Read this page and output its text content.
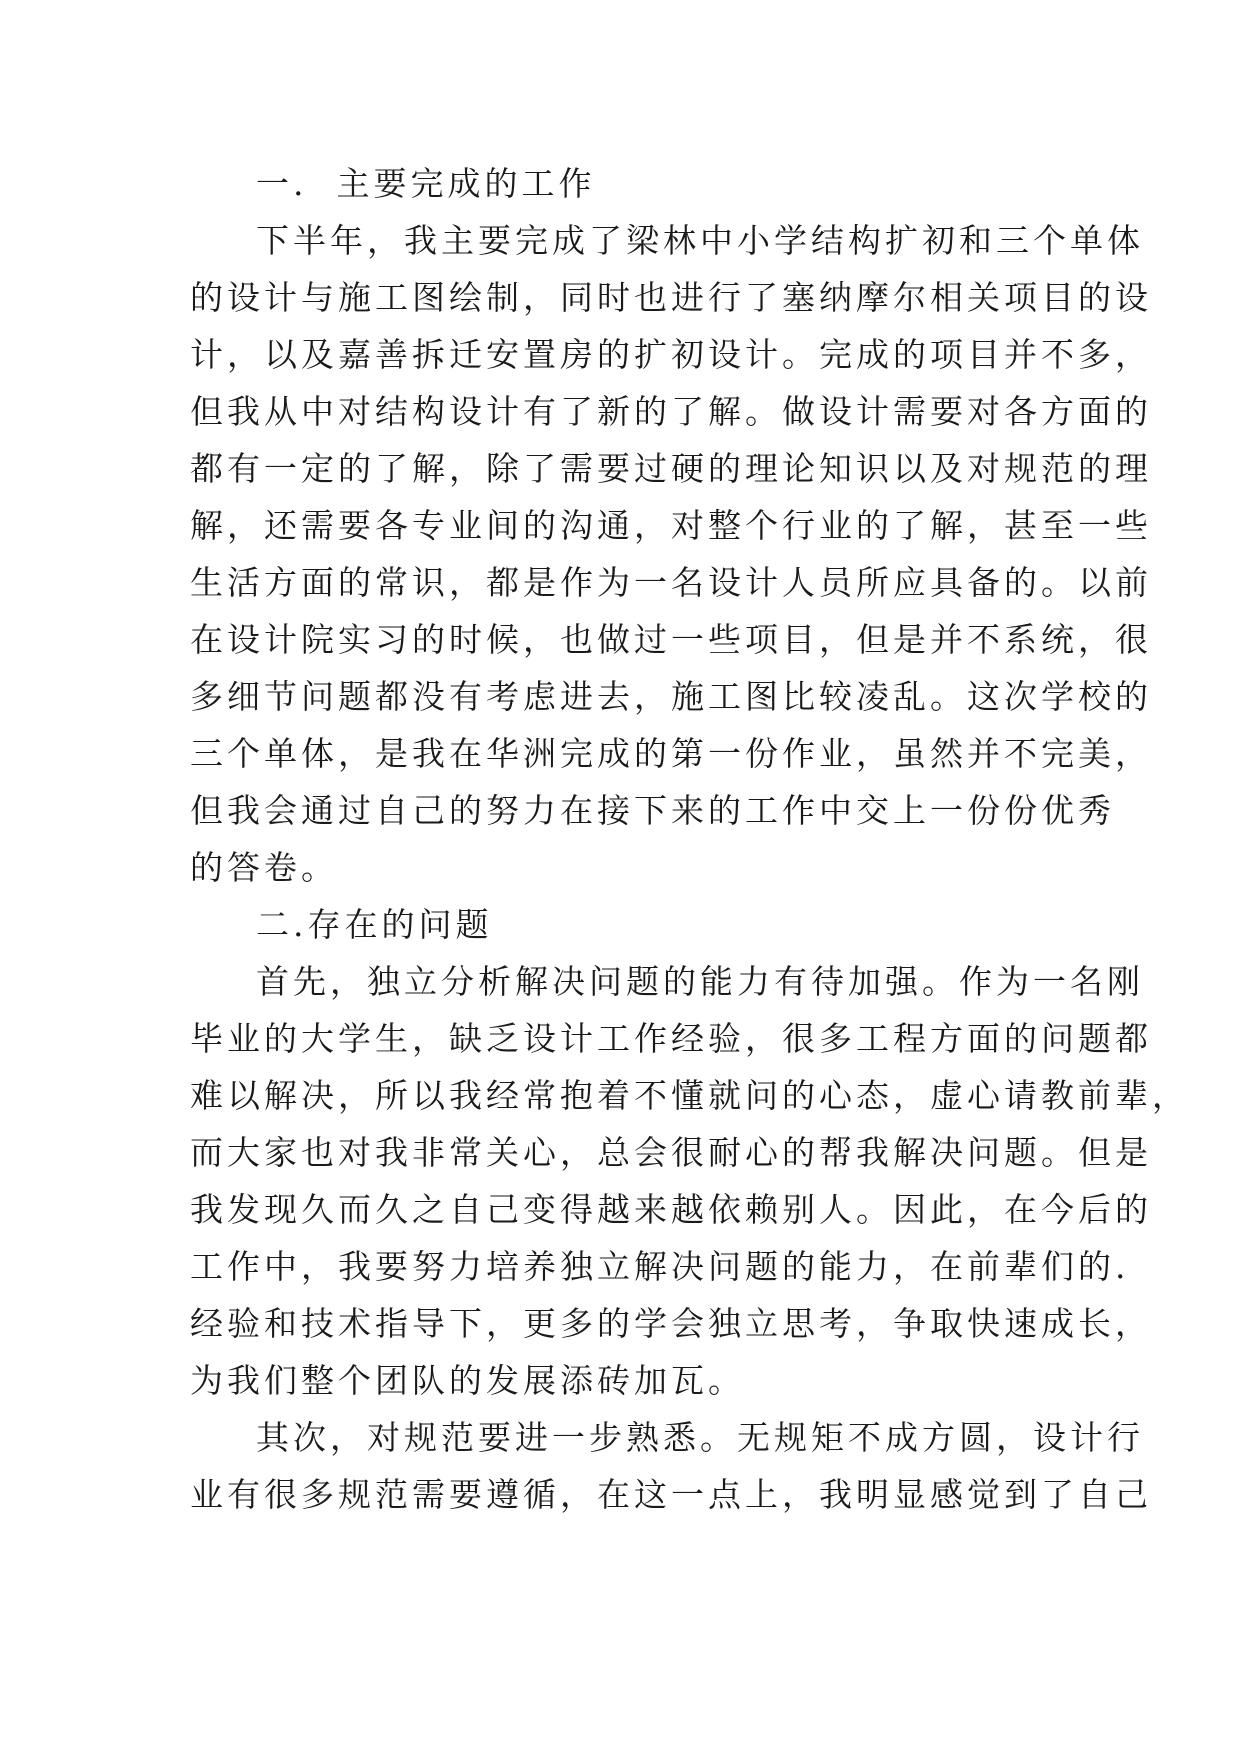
一.  主要完成的工作

下半年，我主要完成了梁林中小学结构扩初和三个单体
的设计与施工图绘制，同时也进行了塞纳摩尔相关项目的设
计，以及嘉善拆迁安置房的扩初设计。完成的项目并不多，
但我从中对结构设计有了新的了解。做设计需要对各方面的
都有一定的了解，除了需要过硬的理论知识以及对规范的理
解，还需要各专业间的沟通，对整个行业的了解，甚至一些
生活方面的常识，都是作为一名设计人员所应具备的。以前
在设计院实习的时候，也做过一些项目，但是并不系统，很
多细节问题都没有考虑进去，施工图比较凌乱。这次学校的
三个单体，是我在华洲完成的第一份作业，虽然并不完美，
但我会通过自己的努力在接下来的工作中交上一份份优秀
的答卷。

二.存在的问题

首先，独立分析解决问题的能力有待加强。作为一名刚
毕业的大学生，缺乏设计工作经验，很多工程方面的问题都
难以解决，所以我经常抱着不懂就问的心态，虚心请教前辈，
而大家也对我非常关心，总会很耐心的帮我解决问题。但是
我发现久而久之自己变得越来越依赖别人。因此，在今后的
工作中，我要努力培养独立解决问题的能力，在前辈们的.
经验和技术指导下，更多的学会独立思考，争取快速成长，
为我们整个团队的发展添砖加瓦。
其次，对规范要进一步熟悉。无规矩不成方圆，设计行
业有很多规范需要遵循，在这一点上，我明显感觉到了自己
